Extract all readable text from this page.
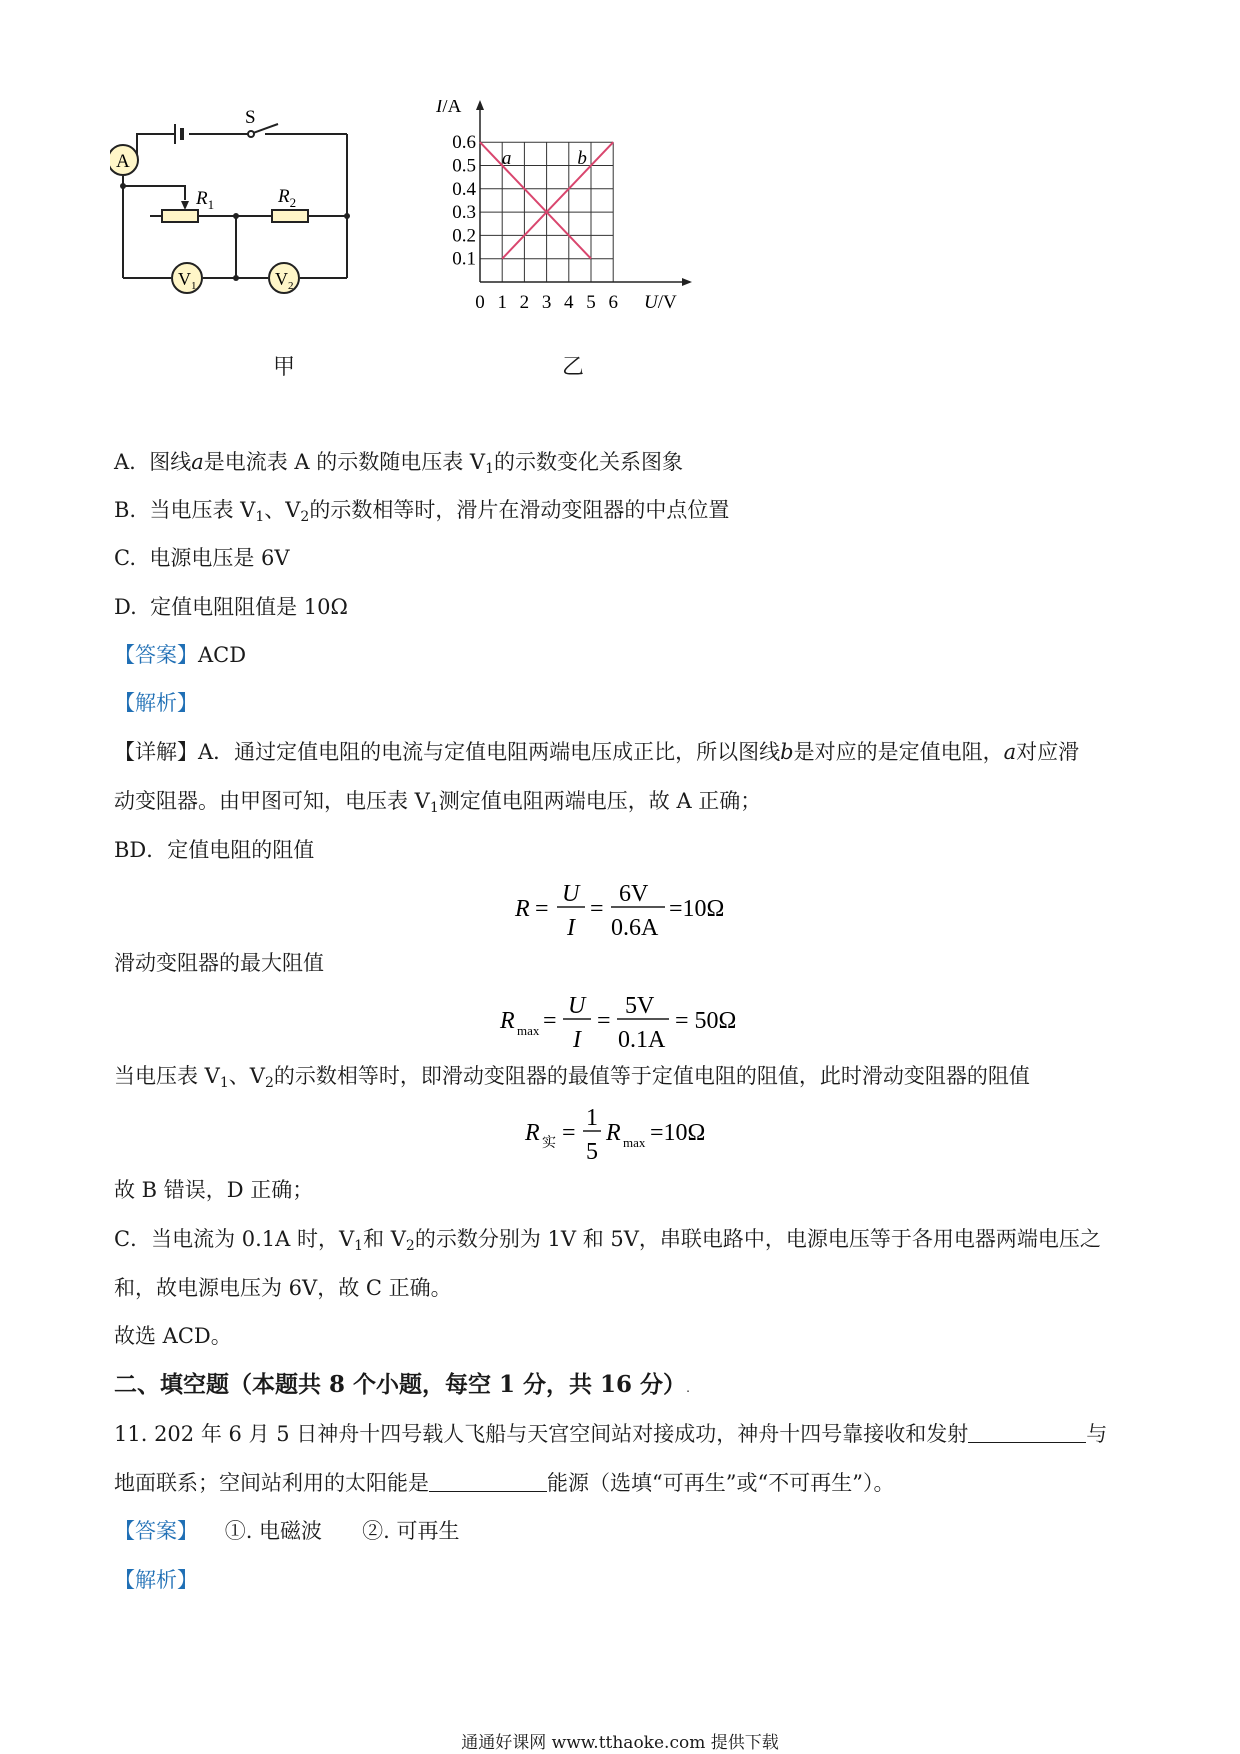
S
A
$R_1$	$R_2$
$V_1$	$V_2$
甲
I/A
0.1
0.2
0.3
0.4
0.5
0.6
0 1 2 3 4 5 6 U/V
a	b
乙
A. 图线a是电流表 A 的示数随电压表 $V_1$的示数变化关系图象
B. 当电压表 $V_1$、$V_2$的示数相等时，滑片在滑动变阻器的中点位置
C. 电源电压是 6V
D. 定值电阻阻值是 10Ω
【答案】ACD
【解析】
【详解】A．通过定值电阻的电流与定值电阻两端电压成正比，所以图线b是对应的是定值电阻，a对应滑
动变阻器。由甲图可知，电压表 $V_1$测定值电阻两端电压，故 A 正确；
BD．定值电阻的阻值
R =
U
I
=
6V
0.6A
=10Ω
滑动变阻器的最大阻值
R max =
U
I
=
5V
0.1A
= 50Ω
当电压表 $V_1$、$V_2$的示数相等时，即滑动变阻器的最值等于定值电阻的阻值，此时滑动变阻器的阻值
R 实 =
1
5
R max =10Ω
故 B 错误，D 正确；
C．当电流为 0.1A 时，$V_1$和 $V_2$的示数分别为 1V 和 5V，串联电路中，电源电压等于各用电器两端电压之
和，故电源电压为 6V，故 C 正确。
故选 ACD。
二、填空题（本题共 8 个小题，每空 1 分，共 16 分）.
11. 202 年 6 月 5 日神舟十四号载人飞船与天宫空间站对接成功，神舟十四号靠接收和发射	与
地面联系；空间站利用的太阳能是	能源（选填“可再生”或“不可再生”）。
【答案】 ①. 电磁波 ②. 可再生
【解析】
通通好课网 www.tthaoke.com 提供下载
